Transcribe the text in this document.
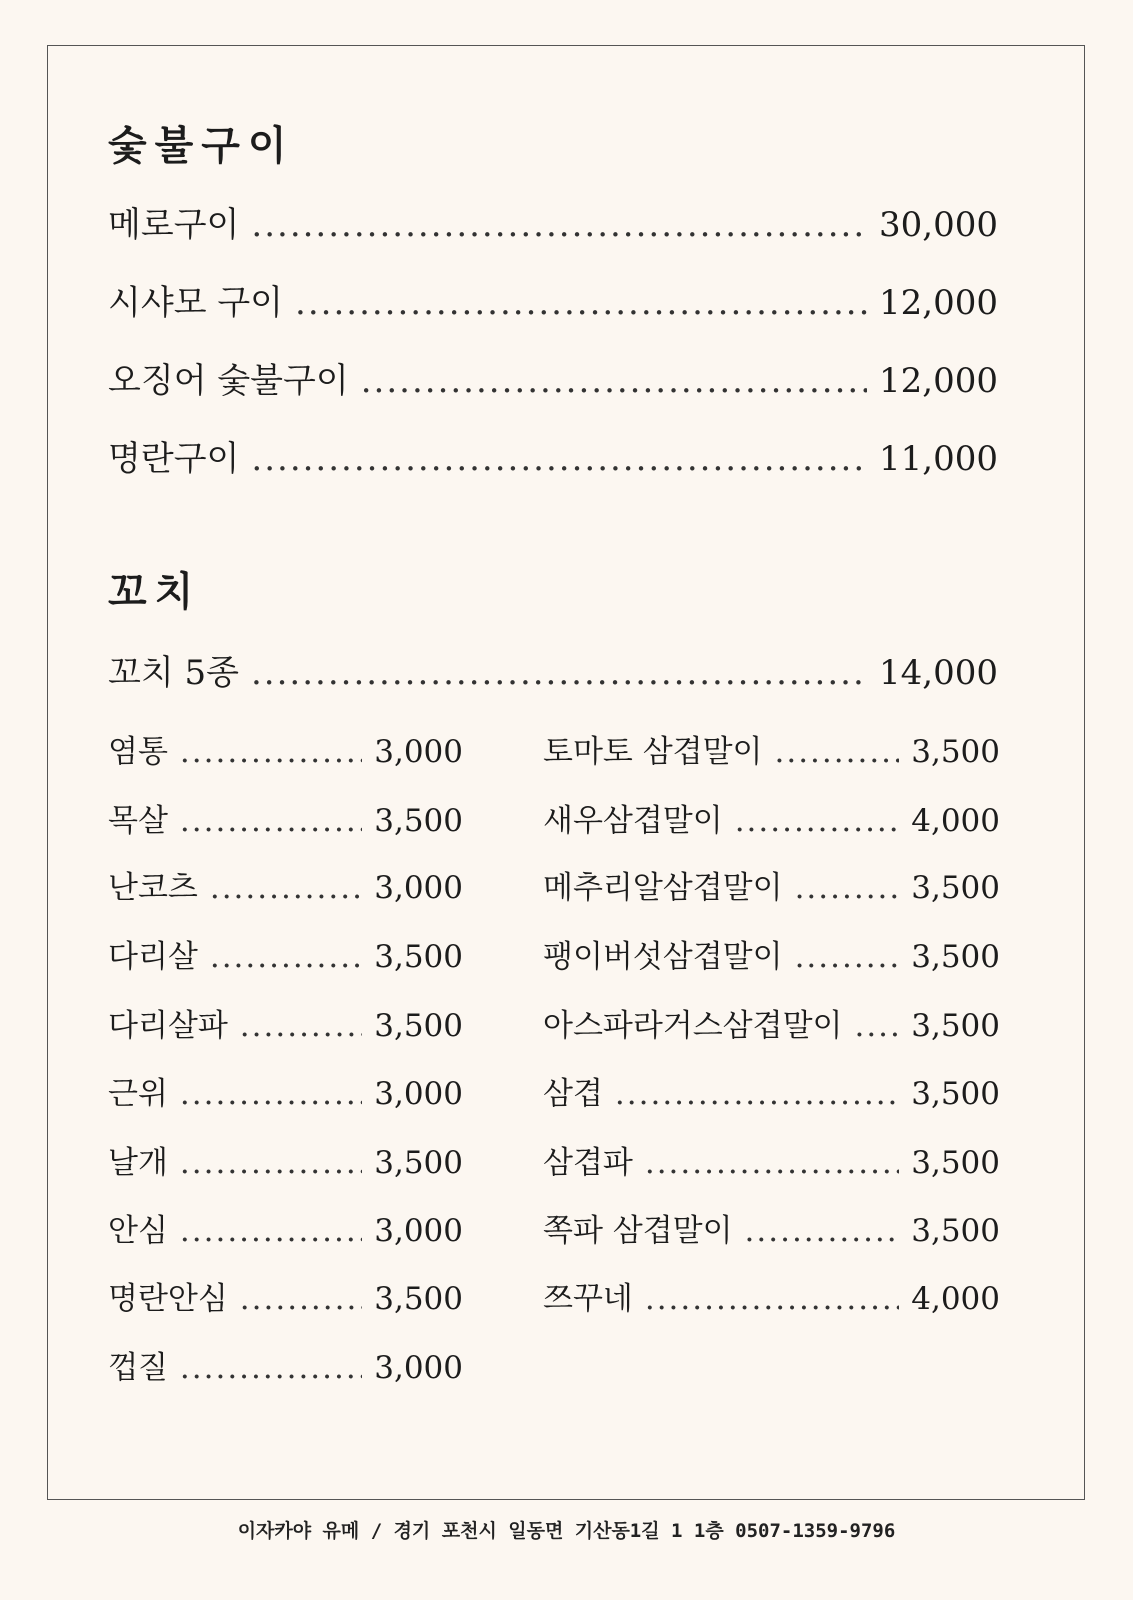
숯불구이
메로구이 .....	30,000
시샤모 구이 .....	12,000
오징어 숯불구이 .....	12,000
명란구이 .....	11,000
꼬치
꼬치 5종 .....	14,000
염통 .....	3,000
목살 .....	3,500
난코츠 .....	3,000
다리살 .....	3,500
다리살파 .....	3,500
근위 .....	3,000
날개 .....	3,500
안심 .....	3,000
명란안심 .....	3,500
껍질 .....	3,000
토마토 삼겹말이 .....	3,500
새우삼겹말이 .....	4,000
메추리알삼겹말이 .....	3,500
팽이버섯삼겹말이 .....	3,500
아스파라거스삼겹말이 ..... 3,500
삼겹 .....	3,500
삼겹파 .....	3,500
쪽파 삼겹말이 .....	3,500
쯔꾸네 .....	4,000
이자카야 유메 / 경기 포천시 일동면 기산동1길 1 1층 0507-1359-9796
